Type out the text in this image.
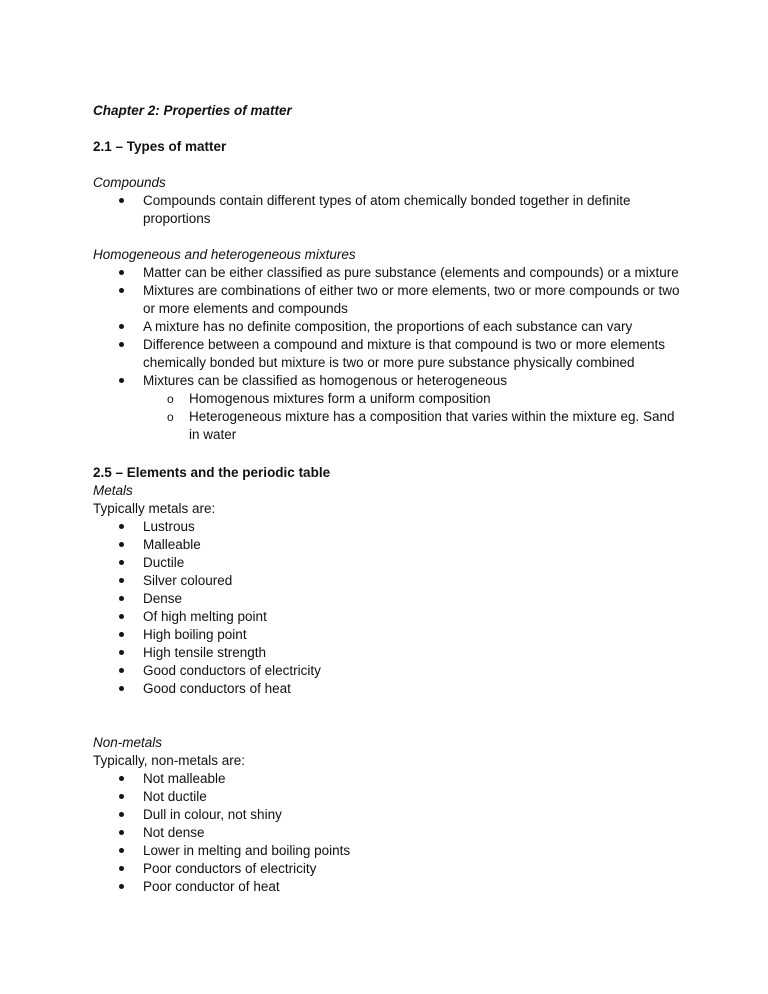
Chapter 2: Properties of matter

2.1 – Types of matter

Compounds

Compounds contain different types of atom chemically bonded together in definite proportions

Homogeneous and heterogeneous mixtures

Matter can be either classified as pure substance (elements and compounds) or a mixture
Mixtures are combinations of either two or more elements, two or more compounds or two or more elements and compounds
A mixture has no definite composition, the proportions of each substance can vary
Difference between a compound and mixture is that compound is two or more elements chemically bonded but mixture is two or more pure substance physically combined
Mixtures can be classified as homogenous or heterogeneous
o Homogenous mixtures form a uniform composition
o Heterogeneous mixture has a composition that varies within the mixture eg. Sand in water

2.5 – Elements and the periodic table

Metals

Typically metals are:

Lustrous
Malleable
Ductile
Silver coloured
Dense
Of high melting point
High boiling point
High tensile strength
Good conductors of electricity
Good conductors of heat

Non-metals

Typically, non-metals are:

Not malleable
Not ductile
Dull in colour, not shiny
Not dense
Lower in melting and boiling points
Poor conductors of electricity
Poor conductor of heat
